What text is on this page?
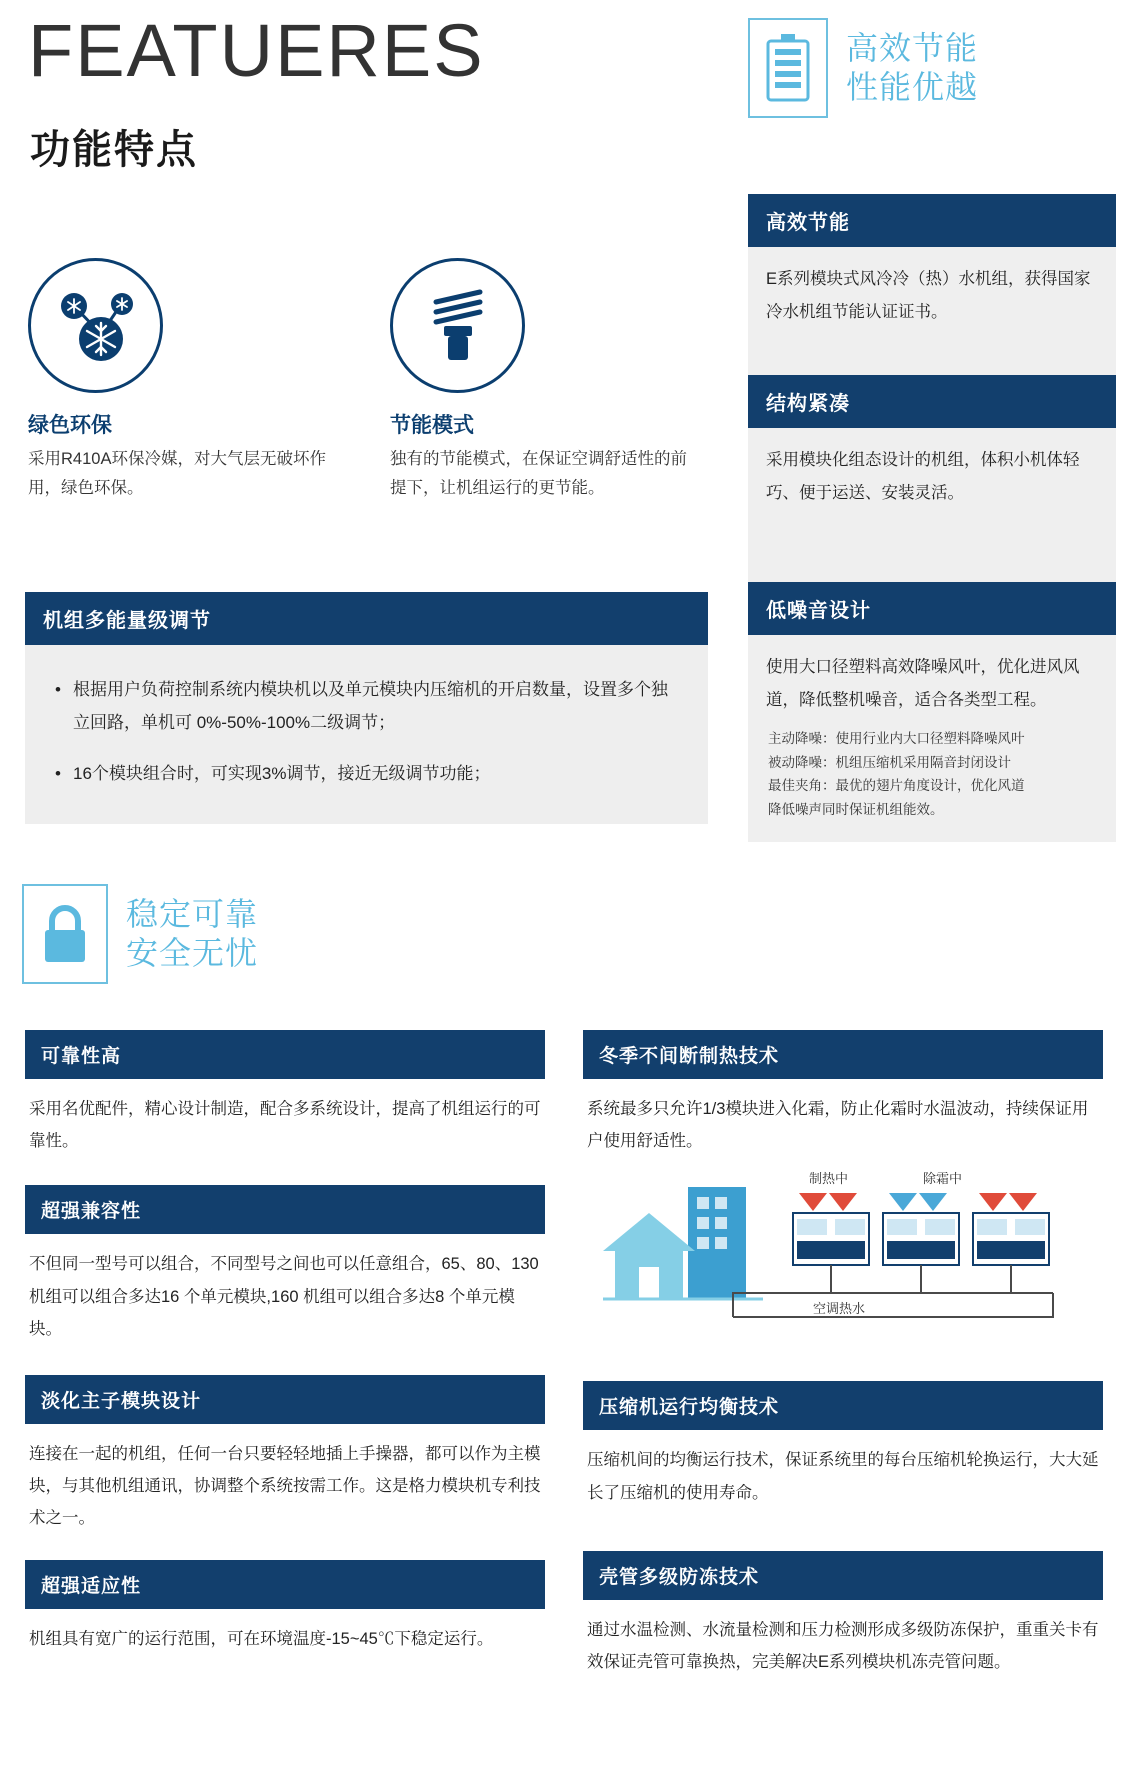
FEATUERES
功能特点
高效节能
性能优越
稳定可靠
安全无忧
绿色环保
采用R410A环保冷媒，对大气层无破坏作用，绿色环保。
节能模式
独有的节能模式，在保证空调舒适性的前提下，让机组运行的更节能。
机组多能量级调节
• 根据用户负荷控制系统内模块机以及单元模块内压缩机的开启数量，设置多个独立回路，单机可 0%-50%-100%二级调节；
• 16个模块组合时，可实现3%调节，接近无级调节功能；
高效节能
E系列模块式风冷冷（热）水机组，获得国家冷水机组节能认证证书。
结构紧凑
采用模块化组态设计的机组，体积小机体轻巧、便于运送、安装灵活。
低噪音设计
使用大口径塑料高效降噪风叶，优化进风风道，降低整机噪音，适合各类型工程。
主动降噪：使用行业内大口径塑料降噪风叶
被动降噪：机组压缩机采用隔音封闭设计
最佳夹角：最优的翅片角度设计，优化风道
降低噪声同时保证机组能效。
可靠性高
采用名优配件，精心设计制造，配合多系统设计，提高了机组运行的可靠性。
超强兼容性
不但同一型号可以组合，不同型号之间也可以任意组合，65、80、130 机组可以组合多达16 个单元模块,160 机组可以组合多达8 个单元模块。
淡化主子模块设计
连接在一起的机组，任何一台只要轻轻地插上手操器，都可以作为主模块，与其他机组通讯，协调整个系统按需工作。这是格力模块机专利技术之一。
超强适应性
机组具有宽广的运行范围，可在环境温度-15~45℃下稳定运行。
冬季不间断制热技术
系统最多只允许1/3模块进入化霜，防止化霜时水温波动，持续保证用户使用舒适性。
制热中	除霜中
空调热水
压缩机运行均衡技术
压缩机间的均衡运行技术，保证系统里的每台压缩机轮换运行，大大延长了压缩机的使用寿命。
壳管多级防冻技术
通过水温检测、水流量检测和压力检测形成多级防冻保护，重重关卡有效保证壳管可靠换热，完美解决E系列模块机冻壳管问题。
